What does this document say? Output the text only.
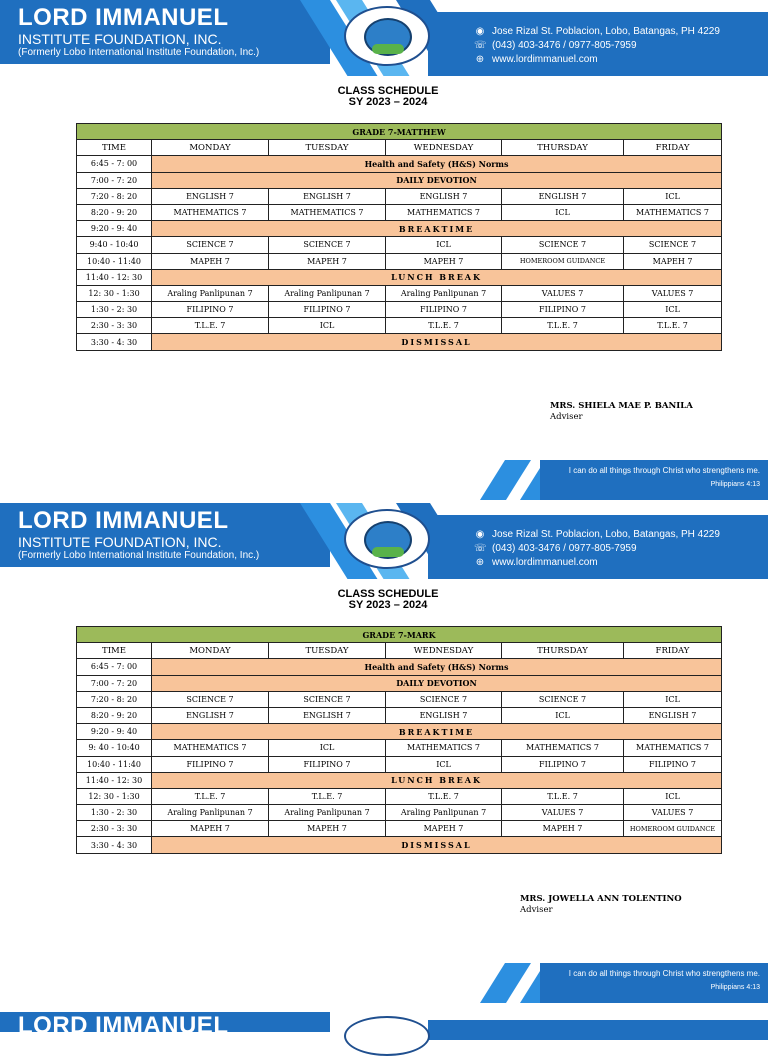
LORD IMMANUEL
INSTITUTE FOUNDATION, INC.
(Formerly Lobo International Institute Foundation, Inc.)
◉ Jose Rizal St. Poblacion, Lobo, Batangas, PH 4229
☏ (043) 403-3476 / 0977-805-7959
⊕ www.lordimmanuel.com
CLASS SCHEDULE
SY 2023 – 2024
GRADE 7-MATTHEW					
TIME	MONDAY	TUESDAY	WEDNESDAY	THURSDAY	FRIDAY
6:45 - 7: 00	Health and Safety (H&S) Norms				
7:00 - 7: 20	DAILY DEVOTION				
7:20 - 8: 20	ENGLISH 7	ENGLISH 7	ENGLISH 7	ENGLISH 7	ICL
8:20 - 9: 20	MATHEMATICS 7	MATHEMATICS 7	MATHEMATICS 7	ICL	MATHEMATICS 7
9:20 - 9: 40	BREAKTIME				
9:40 - 10:40	SCIENCE 7	SCIENCE 7	ICL	SCIENCE 7	SCIENCE 7
10:40 - 11:40	MAPEH 7	MAPEH 7	MAPEH 7	HOMEROOM GUIDANCE	MAPEH 7
11:40 - 12: 30	LUNCH BREAK				
12: 30 - 1:30	Araling Panlipunan 7	Araling Panlipunan 7	Araling Panlipunan 7	VALUES 7	VALUES 7
1:30 - 2: 30	FILIPINO 7	FILIPINO 7	FILIPINO 7	FILIPINO 7	ICL
2:30 - 3: 30	T.L.E. 7	ICL	T.L.E. 7	T.L.E. 7	T.L.E. 7
3:30 - 4: 30	DISMISSAL				
MRS. SHIELA MAE P. BANILA
Adviser
I can do all things through Christ who strengthens me.
Philippians 4:13
LORD IMMANUEL
INSTITUTE FOUNDATION, INC.
(Formerly Lobo International Institute Foundation, Inc.)
◉ Jose Rizal St. Poblacion, Lobo, Batangas, PH 4229
☏ (043) 403-3476 / 0977-805-7959
⊕ www.lordimmanuel.com
CLASS SCHEDULE
SY 2023 – 2024
GRADE 7-MARK					
TIME	MONDAY	TUESDAY	WEDNESDAY	THURSDAY	FRIDAY
6:45 - 7: 00	Health and Safety (H&S) Norms				
7:00 - 7: 20	DAILY DEVOTION				
7:20 - 8: 20	SCIENCE 7	SCIENCE 7	SCIENCE 7	SCIENCE 7	ICL
8:20 - 9: 20	ENGLISH 7	ENGLISH 7	ENGLISH 7	ICL	ENGLISH 7
9:20 - 9: 40	BREAKTIME				
9: 40 - 10:40	MATHEMATICS 7	ICL	MATHEMATICS 7	MATHEMATICS 7	MATHEMATICS 7
10:40 - 11:40	FILIPINO 7	FILIPINO 7	ICL	FILIPINO 7	FILIPINO 7
11:40 - 12: 30	LUNCH BREAK				
12: 30 - 1:30	T.L.E. 7	T.L.E. 7	T.L.E. 7	T.L.E. 7	ICL
1:30 - 2: 30	Araling Panlipunan 7	Araling Panlipunan 7	Araling Panlipunan 7	VALUES 7	VALUES 7
2:30 - 3: 30	MAPEH 7	MAPEH 7	MAPEH 7	MAPEH 7	HOMEROOM GUIDANCE
3:30 - 4: 30	DISMISSAL				
MRS. JOWELLA ANN TOLENTINO
Adviser
I can do all things through Christ who strengthens me.
Philippians 4:13
LORD IMMANUEL
